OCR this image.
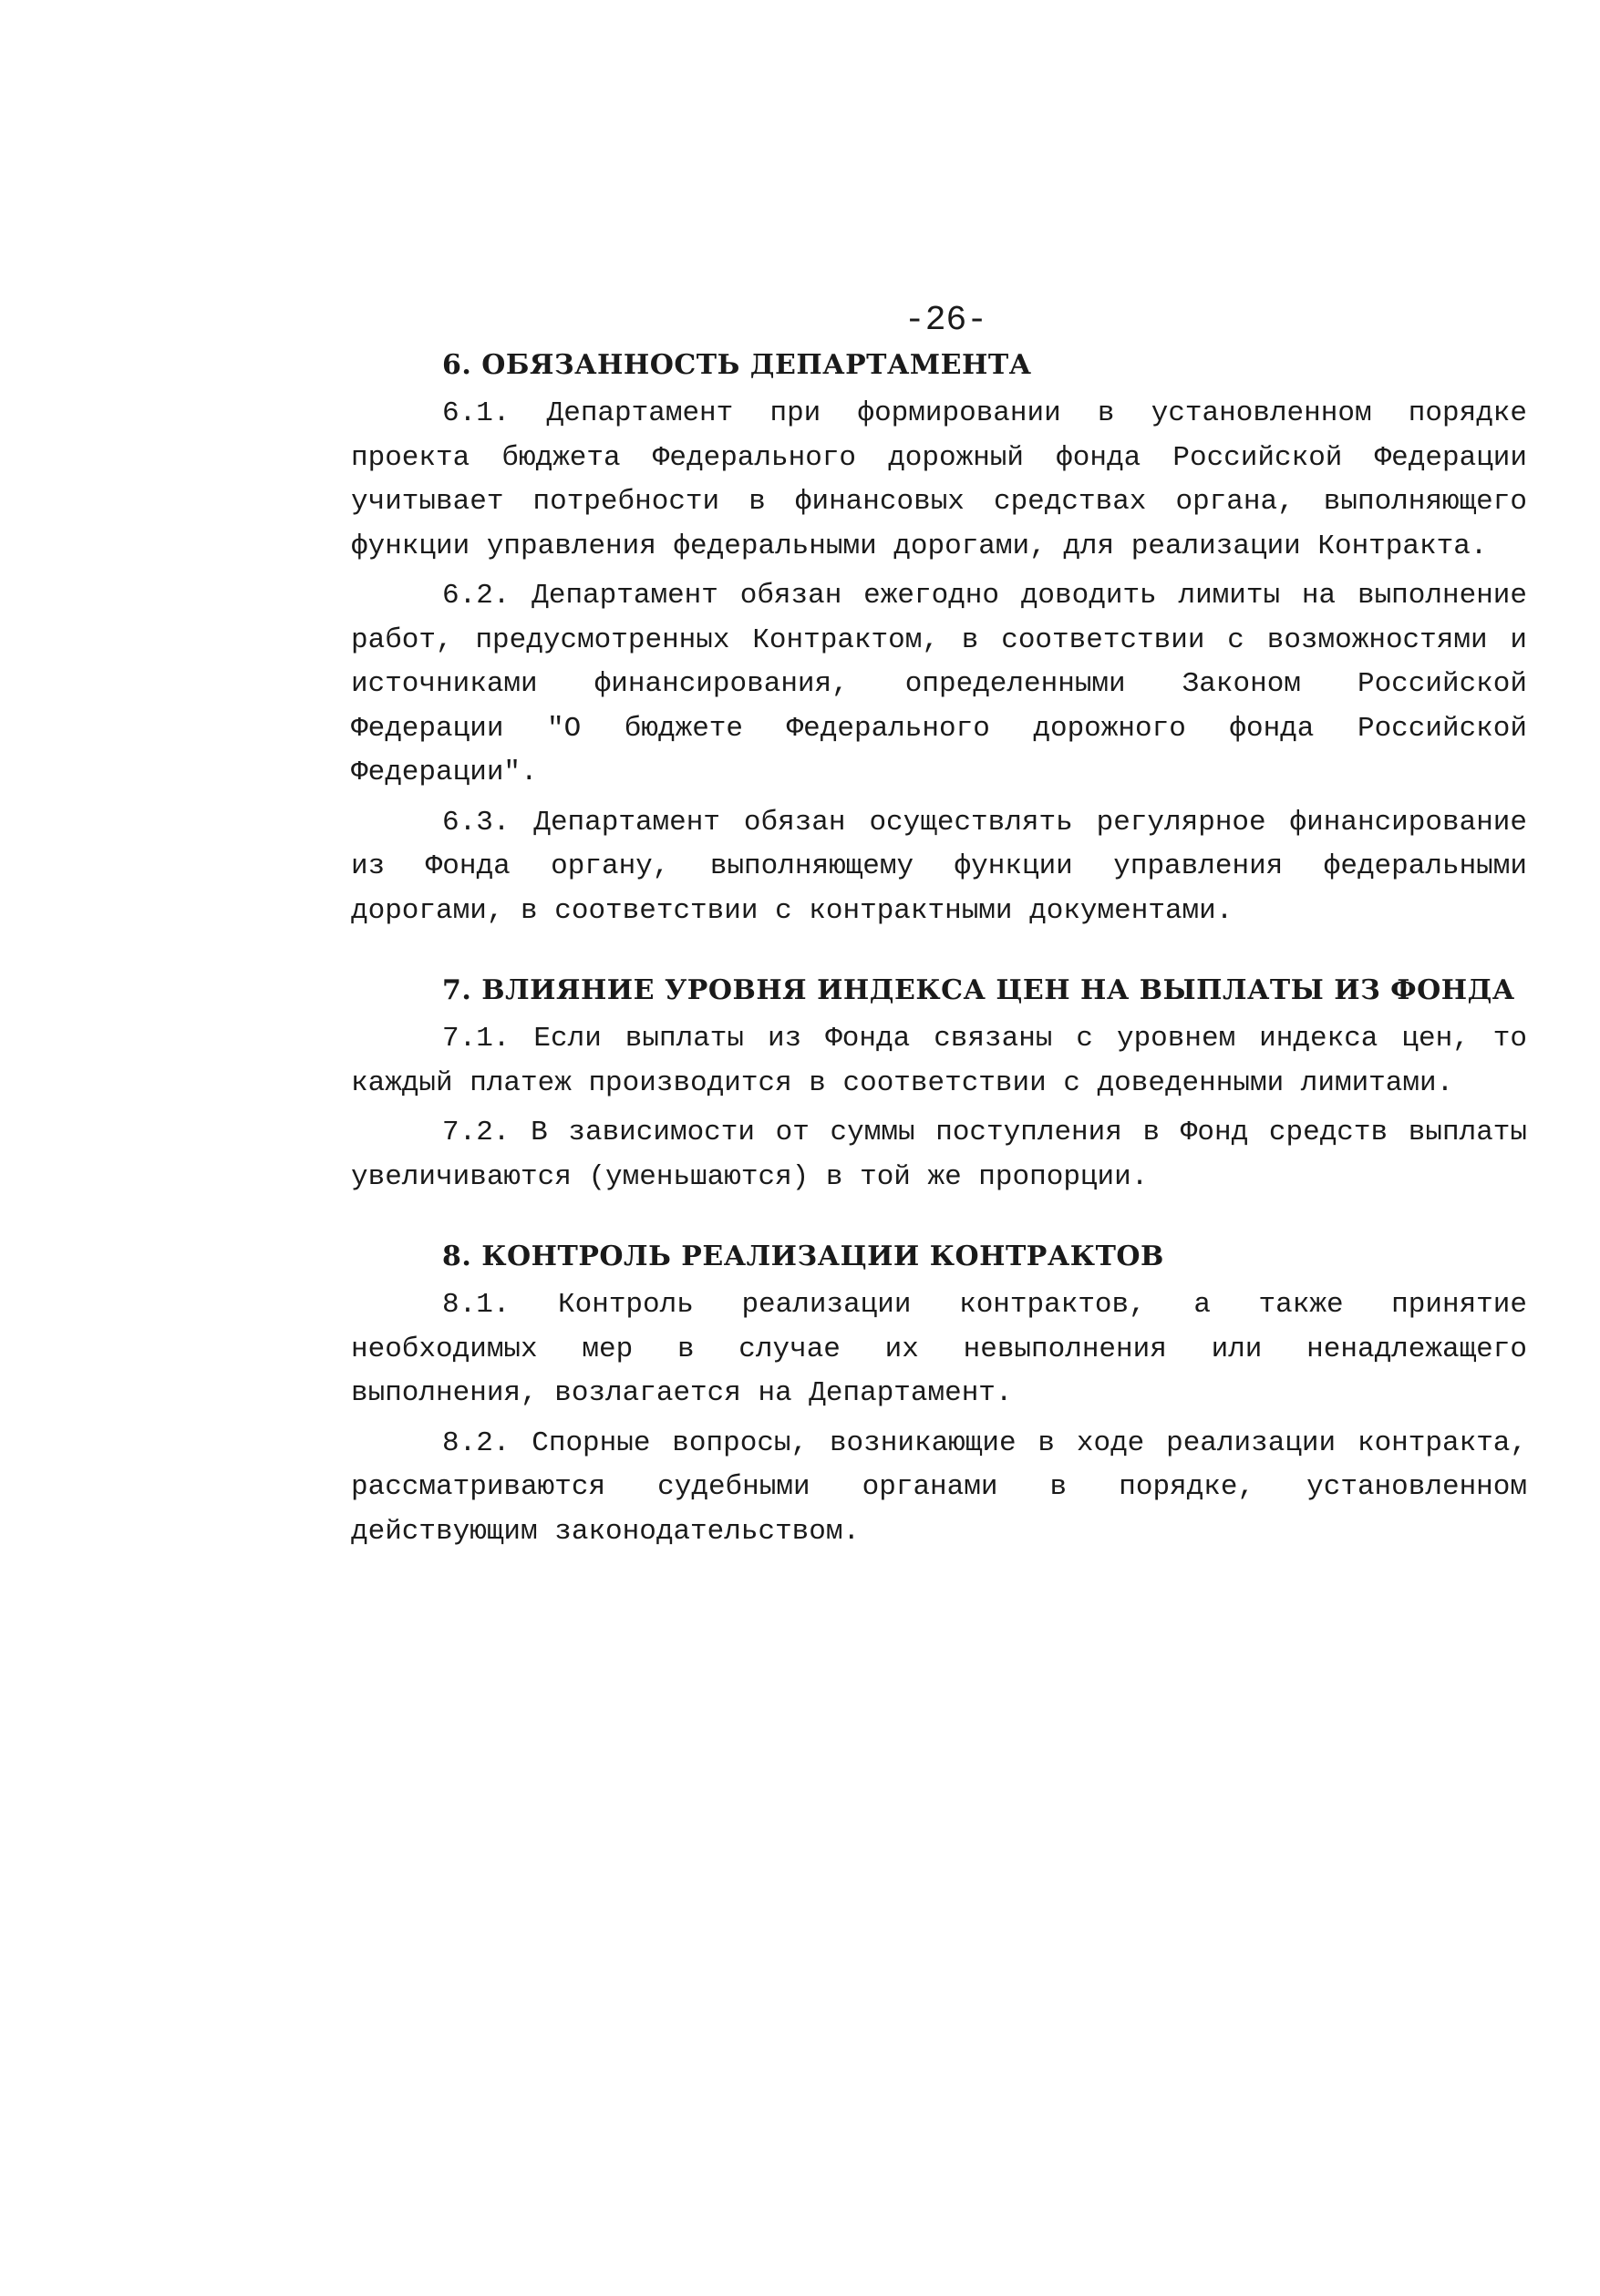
-26-
6. ОБЯЗАННОСТЬ ДЕПАРТАМЕНТА

6.1. Департамент при формировании в установленном порядке проекта бюджета Федерального дорожный фонда Российской Федерации учитывает потребности в финансовых средствах органа, выполняющего функции управления федеральными дорогами, для реализации Контракта.

6.2. Департамент обязан ежегодно доводить лимиты на выполнение работ, предусмотренных Контрактом, в соответствии с возможностями и источниками финансирования, определенными Законом Российской Федерации "О бюджете Федерального дорожного фонда Российской Федерации".

6.3. Департамент обязан осуществлять регулярное финансирование из Фонда органу, выполняющему функции управления федеральными дорогами, в соответствии с контрактными документами.

7. ВЛИЯНИЕ УРОВНЯ ИНДЕКСА ЦЕН НА ВЫПЛАТЫ ИЗ ФОНДА

7.1. Если выплаты из Фонда связаны с уровнем индекса цен, то каждый платеж производится в соответствии с доведенными лимитами.

7.2. В зависимости от суммы поступления в Фонд средств выплаты увеличиваются (уменьшаются) в той же пропорции.

8. КОНТРОЛЬ РЕАЛИЗАЦИИ КОНТРАКТОВ

8.1. Контроль реализации контрактов, а также принятие необходимых мер в случае их невыполнения или ненадлежащего выполнения, возлагается на Департамент.

8.2. Спорные вопросы, возникающие в ходе реализации контракта, рассматриваются судебными органами в порядке, установленном действующим законодательством.
